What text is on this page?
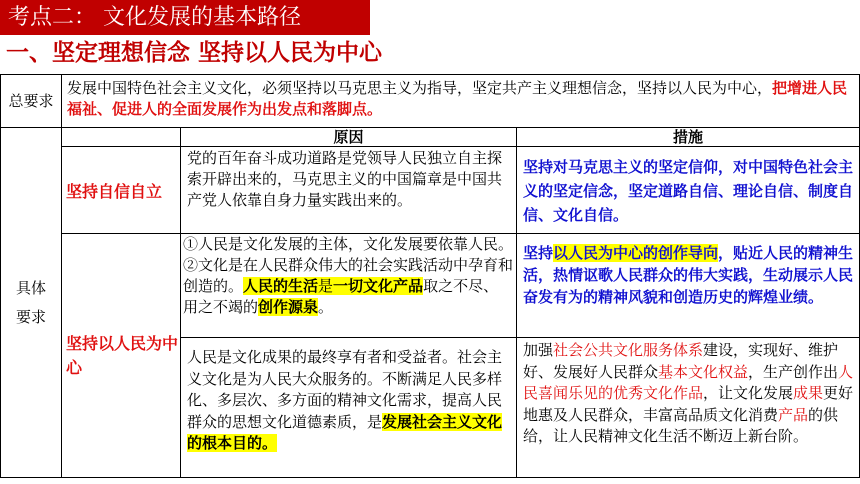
考点二： 文化发展的基本路径
一、坚定理想信念 坚持以人民为中心
总要求
发展中国特色社会主义文化，必须坚持以马克思主义为指导，坚定共产主义理想信念，坚持以人民为中心，把增进人民福祉、促进人的全面发展作为出发点和落脚点。
具体
要求
原因	措施
坚持自信自立
党的百年奋斗成功道路是党领导人民独立自主探索开辟出来的，马克思主义的中国篇章是中国共产党人依靠自身力量实践出来的。
坚持对马克思主义的坚定信仰，对中国特色社会主义的坚定信念，坚定道路自信、理论自信、制度自信、文化自信。
坚持以人民为中心
①人民是文化发展的主体，文化发展要依靠人民。
②文化是在人民群众伟大的社会实践活动中孕育和创造的。人民的生活是一切文化产品取之不尽、用之不竭的创作源泉。
坚持以人民为中心的创作导向，贴近人民的精神生活，热情讴歌人民群众的伟大实践，生动展示人民奋发有为的精神风貌和创造历史的辉煌业绩。
人民是文化成果的最终享有者和受益者。社会主义文化是为人民大众服务的。不断满足人民多样化、多层次、多方面的精神文化需求，提高人民群众的思想文化道德素质，是发展社会主义文化的根本目的。
加强社会公共文化服务体系建设，实现好、维护好、发展好人民群众基本文化权益，生产创作出人民喜闻乐见的优秀文化作品，让文化发展成果更好地惠及人民群众，丰富高品质文化消费产品的供给，让人民精神文化生活不断迈上新台阶。
